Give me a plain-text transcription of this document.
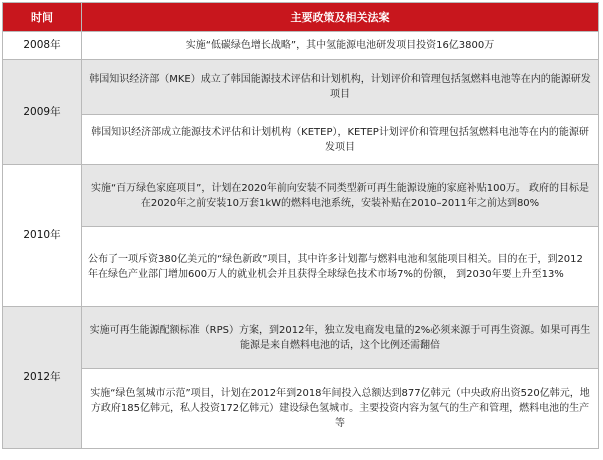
时间	主要政策及相关法案
2008年	实施“低碳绿色增长战略”，其中氢能源电池研发项目投资16亿3800万
2009年	韩国知识经济部（MKE）成立了韩国能源技术评估和计划机构，计划评价和管理包括氢燃料电池等在内的能源研发项目
	韩国知识经济部成立能源技术评估和计划机构（KETEP），KETEP计划评价和管理包括氢燃料电池等在内的能源研发项目
2010年	实施“百万绿色家庭项目”，计划在2020年前向安装不同类型新可再生能源设施的家庭补贴100万。 政府的目标是在2020年之前安装10万套1kW的燃料电池系统，安装补贴在2010–2011年之前达到80%
	公布了一项斥资380亿美元的“绿色新政”项目，其中许多计划都与燃料电池和氢能项目相关。目的在于，到2012年在绿色产业部门增加600万人的就业机会并且获得全球绿色技术市场7%的份额， 到2030年要上升至13%
2012年	实施可再生能源配额标准（RPS）方案，到2012年，独立发电商发电量的2%必须来源于可再生资源。如果可再生能源是来自燃料电池的话，这个比例还需翻倍
	实施“绿色氢城市示范”项目，计划在2012年到2018年间投入总额达到877亿韩元（中央政府出资520亿韩元，地方政府185亿韩元，私人投资172亿韩元）建设绿色氢城市。主要投资内容为氢气的生产和管理，燃料电池的生产等
